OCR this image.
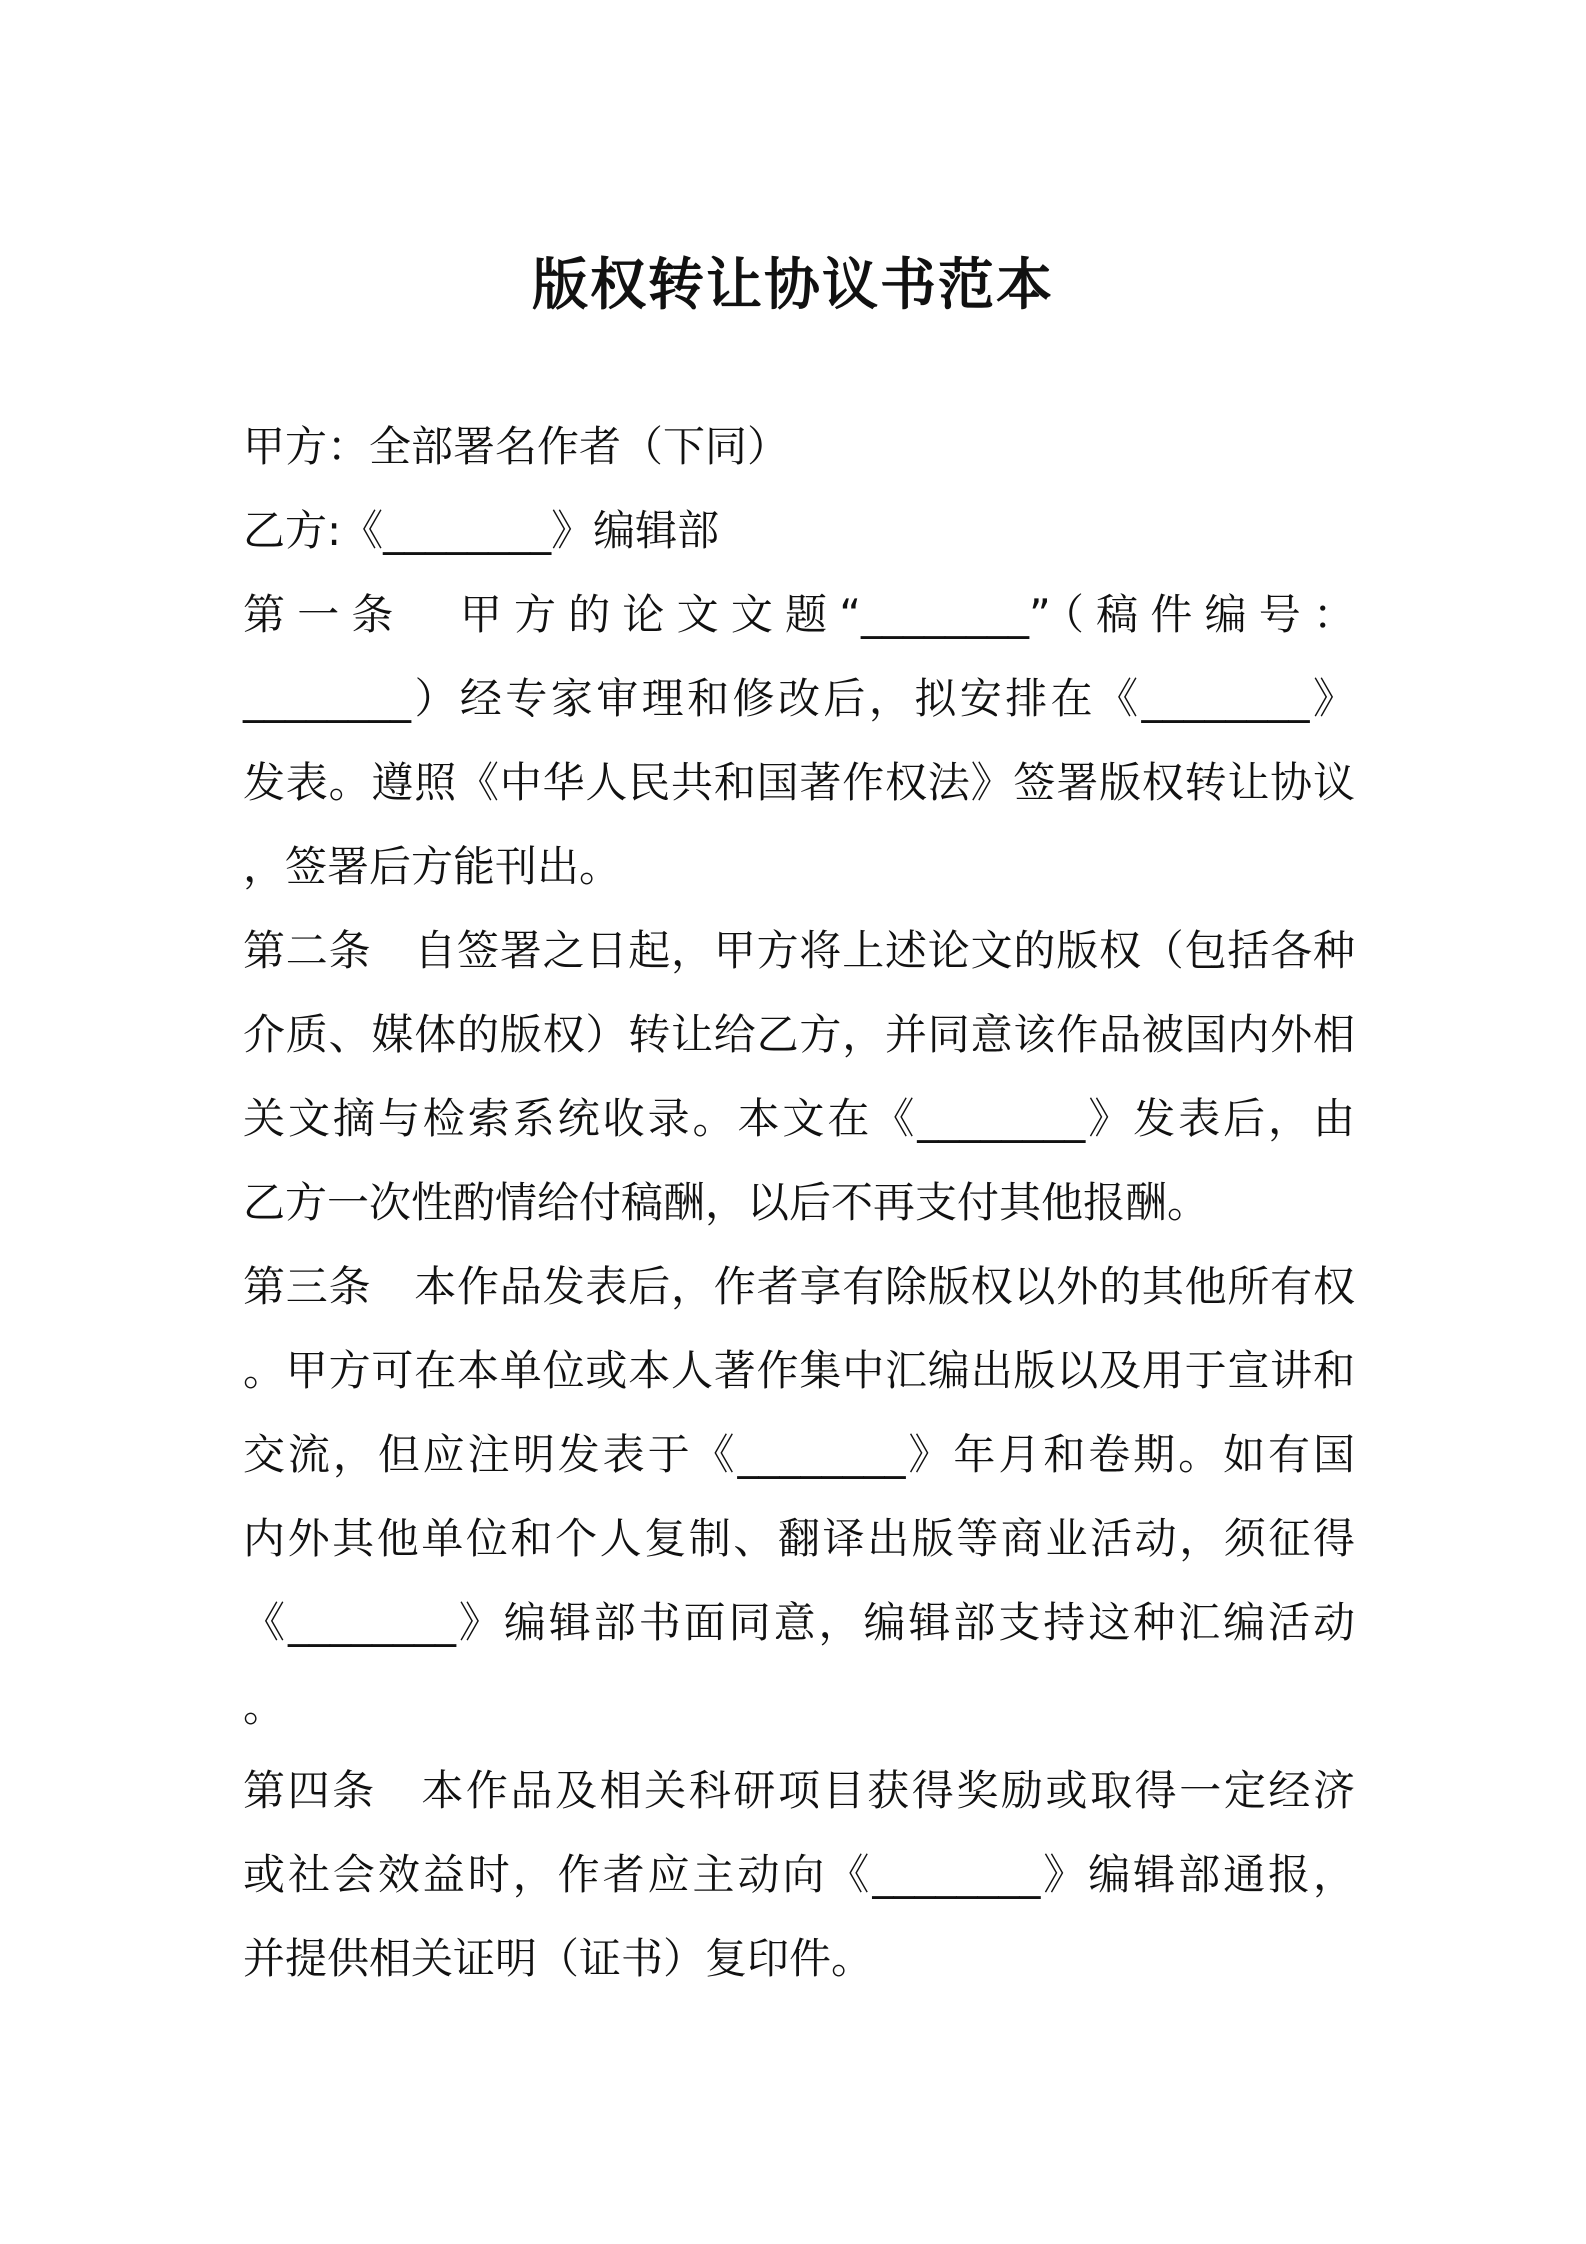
版权转让协议书范本
甲方：全部署名作者（下同）
乙方:《________》编辑部
第一条　甲方的论文文题“________”（稿件编号：
________）经专家审理和修改后，拟安排在《________》
发表。遵照《中华人民共和国著作权法》签署版权转让协议
，签署后方能刊出。
第二条　自签署之日起，甲方将上述论文的版权（包括各种
介质、媒体的版权）转让给乙方，并同意该作品被国内外相
关文摘与检索系统收录。本文在《________》发表后，由
乙方一次性酌情给付稿酬，以后不再支付其他报酬。
第三条　本作品发表后，作者享有除版权以外的其他所有权
。甲方可在本单位或本人著作集中汇编出版以及用于宣讲和
交流，但应注明发表于《________》年月和卷期。如有国
内外其他单位和个人复制、翻译出版等商业活动，须征得
《________》编辑部书面同意，编辑部支持这种汇编活动
。
第四条　本作品及相关科研项目获得奖励或取得一定经济
或社会效益时，作者应主动向《________》编辑部通报，
并提供相关证明（证书）复印件。
